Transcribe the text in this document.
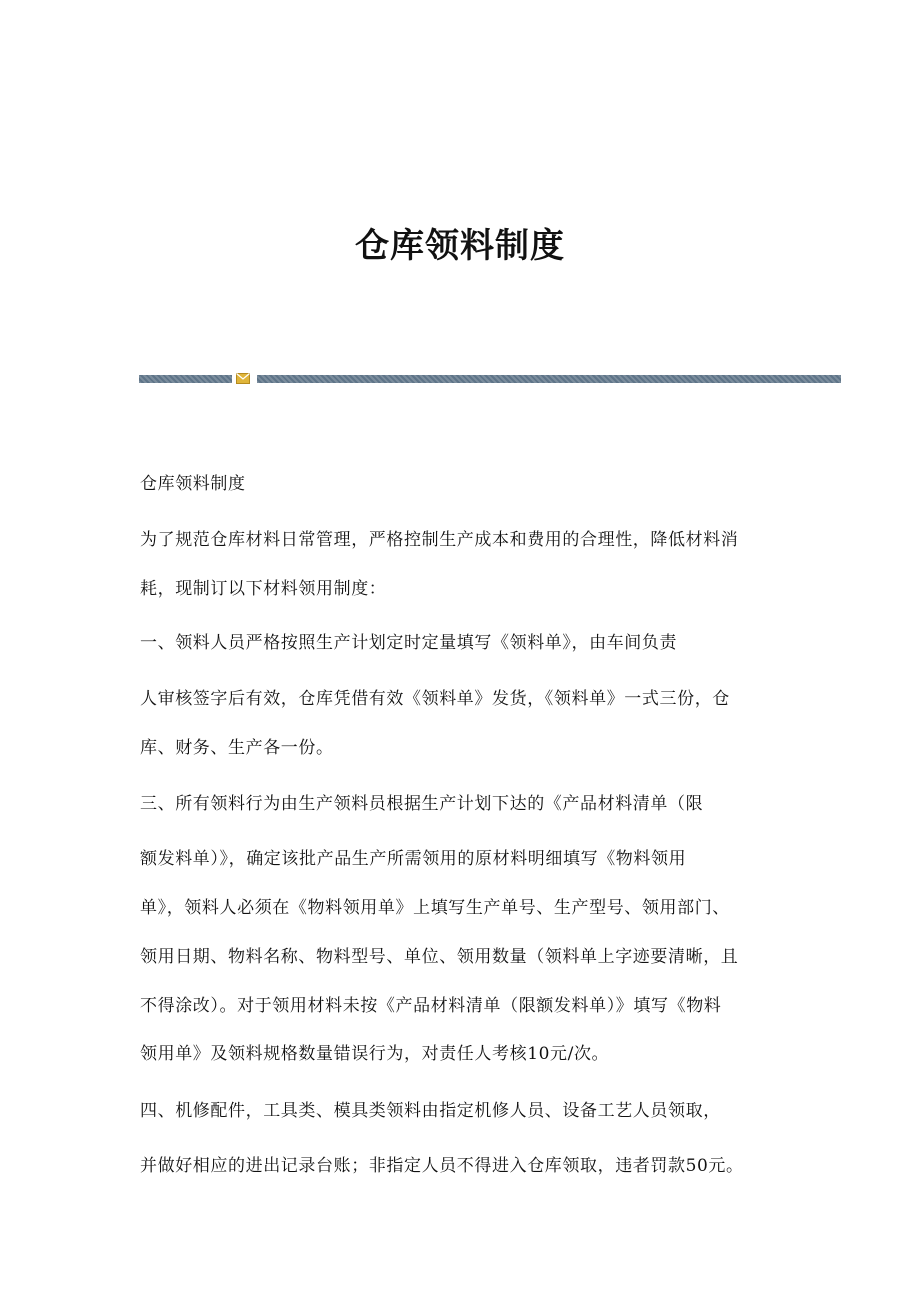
仓库领料制度

仓库领料制度

为了规范仓库材料日常管理，严格控制生产成本和费用的合理性，降低材料消

耗，现制订以下材料领用制度：

一、领料人员严格按照生产计划定时定量填写《领料单》，由车间负责

人审核签字后有效，仓库凭借有效《领料单》发货，《领料单》一式三份，仓

库、财务、生产各一份。

三、所有领料行为由生产领料员根据生产计划下达的《产品材料清单（限

额发料单）》，确定该批产品生产所需领用的原材料明细填写《物料领用

单》，领料人必须在《物料领用单》上填写生产单号、生产型号、领用部门、

领用日期、物料名称、物料型号、单位、领用数量（领料单上字迹要清晰，且

不得涂改）。对于领用材料未按《产品材料清单（限额发料单）》填写《物料

领用单》及领料规格数量错误行为，对责任人考核10元/次。

四、机修配件，工具类、模具类领料由指定机修人员、设备工艺人员领取，

并做好相应的进出记录台账；非指定人员不得进入仓库领取，违者罚款50元。
